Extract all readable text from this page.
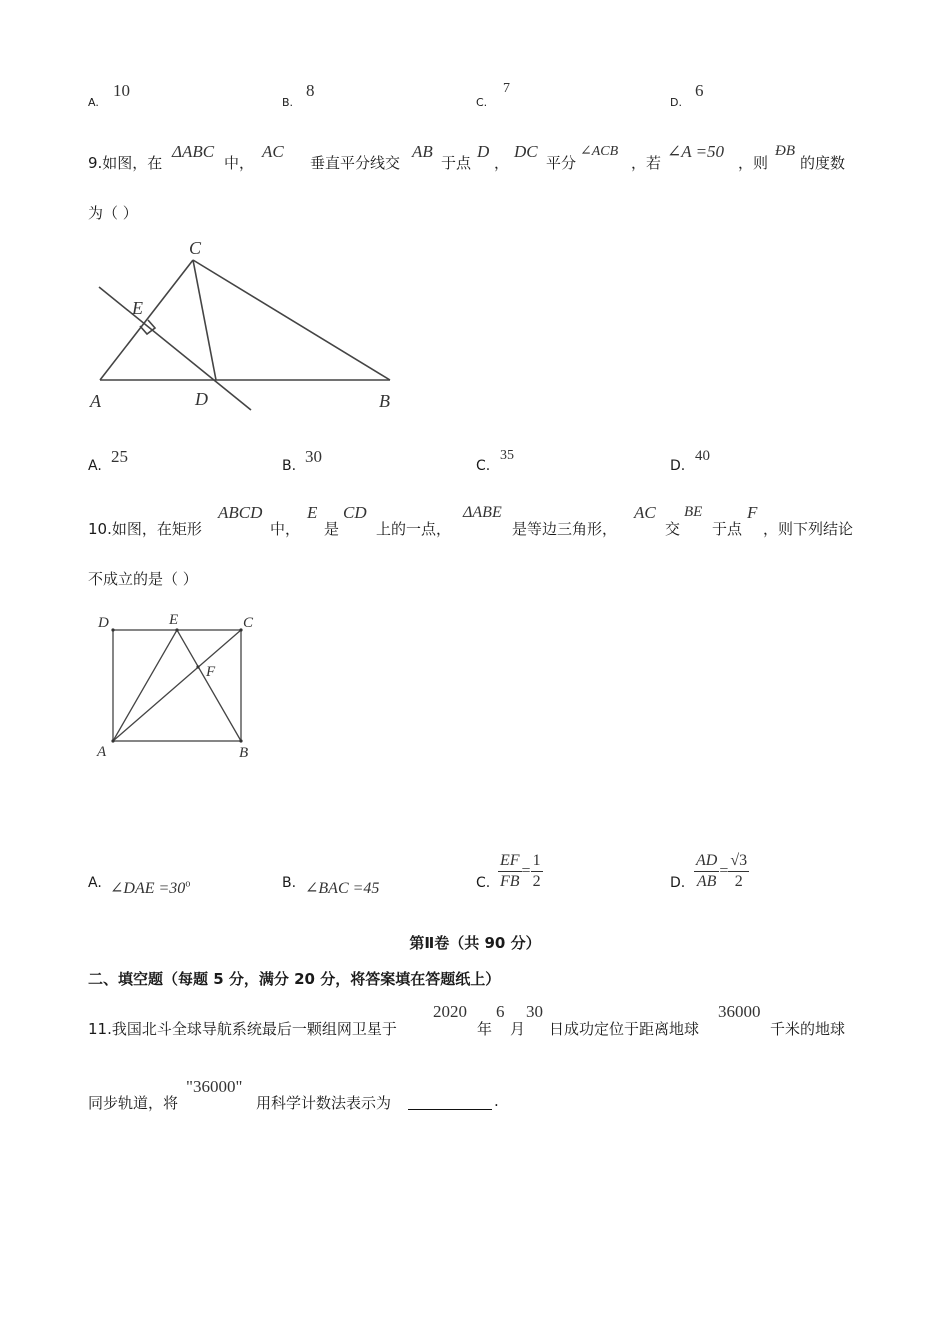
A.
10
B.
8
C.
7
D.
6
9.如图，在
ΔABC
中，
AC
垂直平分线交
AB
于点
D
，
DC
平分
∠ACB
，若
∠A =50
，则
ÐB
的度数
为（ ）
C
E
A	D	B
A. 25	B. 30	C.
35
D.
40
10.如图，在矩形
ABCD
中，
E
是
CD
上的一点，
ΔABE
是等边三角形，
AC
交
BE
于点
F
，则下列结论
不成立的是（ ）
D	E	C
F
A	B
A. ∠DAE $=30^o$	B. ∠BAC =45	C. $\frac{EF}{FB} = \frac{1}{2}$	D. $\frac{AD}{AB} = \frac{√3}{2}$
第Ⅱ卷（共 90 分）
二、填空题（每题 5 分，满分 20 分，将答案填在答题纸上）
11.我国北斗全球导航系统最后一颗组网卫星于
2020
年
6
月
30
日成功定位于距离地球
36000
千米的地球
同步轨道，将
"36000"
用科学计数法表示为	.
